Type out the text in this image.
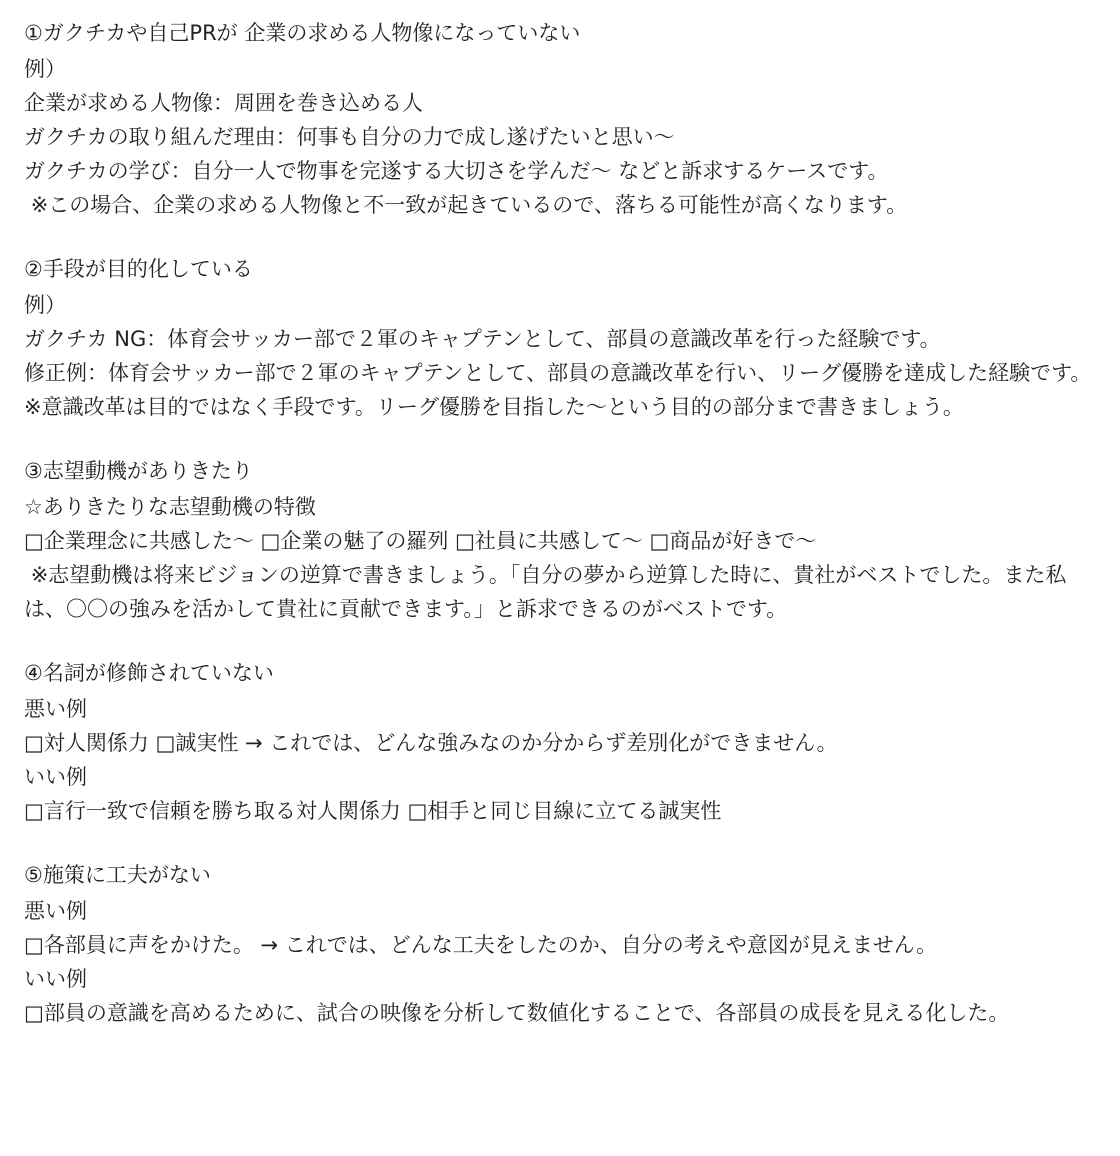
①ガクチカや自己PRが 企業の求める人物像になっていない
例）
企業が求める人物像：周囲を巻き込める人
ガクチカの取り組んだ理由：何事も自分の力で成し遂げたいと思い〜
ガクチカの学び：自分一人で物事を完遂する大切さを学んだ〜 などと訴求するケースです。
※この場合、企業の求める人物像と不一致が起きているので、落ちる可能性が高くなります。
②手段が目的化している
例）
ガクチカ NG：体育会サッカー部で２軍のキャプテンとして、部員の意識改革を行った経験です。
修正例：体育会サッカー部で２軍のキャプテンとして、部員の意識改革を行い、リーグ優勝を達成した経験です。
※意識改革は目的ではなく手段です。リーグ優勝を目指した〜という目的の部分まで書きましょう。
③志望動機がありきたり
☆ありきたりな志望動機の特徴
□企業理念に共感した〜 □企業の魅了の羅列 □社員に共感して〜 □商品が好きで〜
※志望動機は将来ビジョンの逆算で書きましょう。「自分の夢から逆算した時に、貴社がベストでした。また私は、〇〇の強みを活かして貴社に貢献できます。」と訴求できるのがベストです。
④名詞が修飾されていない
悪い例
□対人関係力 □誠実性 → これでは、どんな強みなのか分からず差別化ができません。
いい例
□言行一致で信頼を勝ち取る対人関係力 □相手と同じ目線に立てる誠実性
⑤施策に工夫がない
悪い例
□各部員に声をかけた。 → これでは、どんな工夫をしたのか、自分の考えや意図が見えません。
いい例
□部員の意識を高めるために、試合の映像を分析して数値化することで、各部員の成長を見える化した。
